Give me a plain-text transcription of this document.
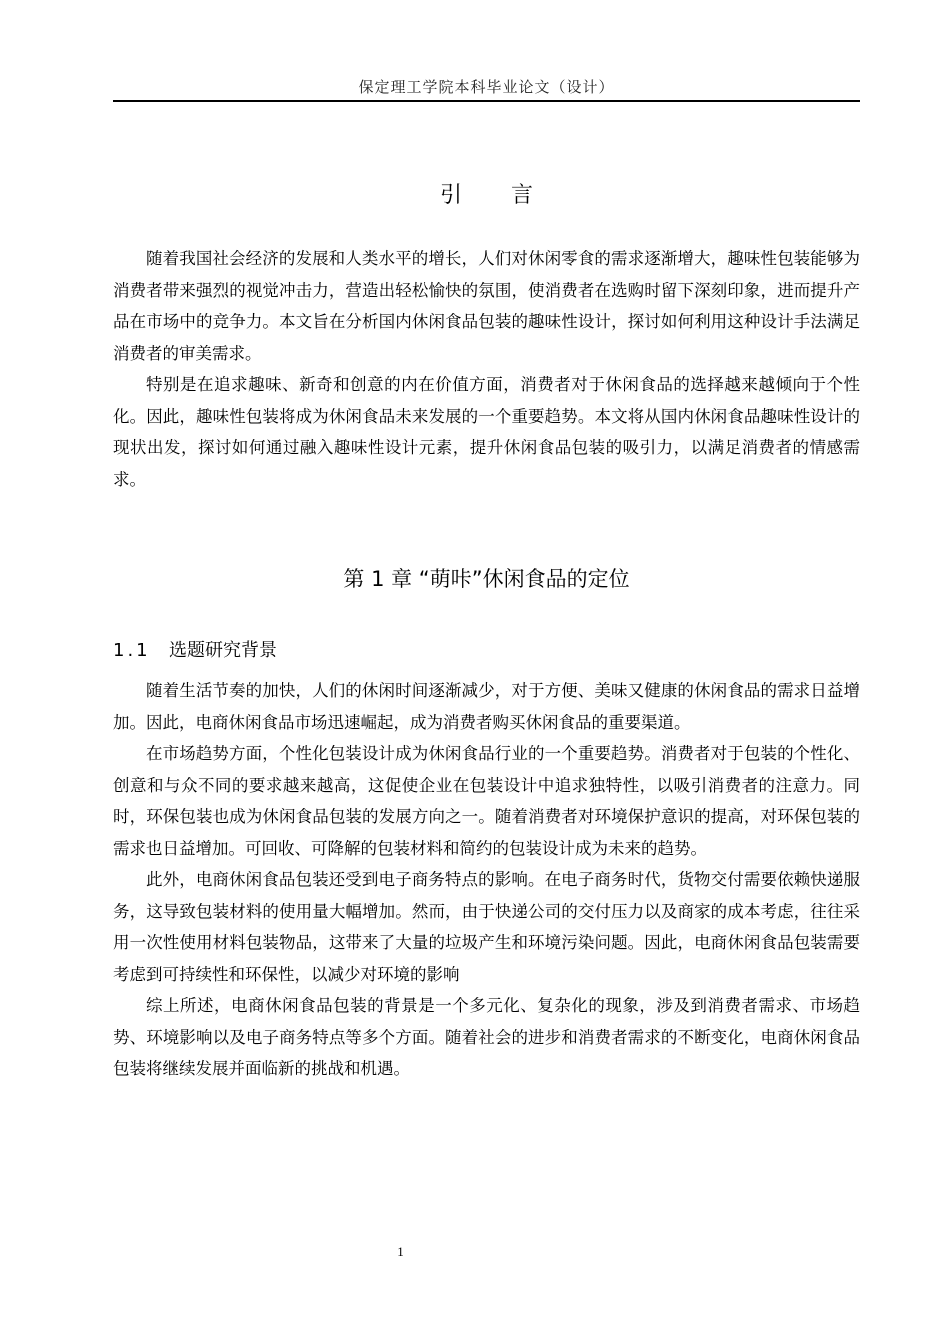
保定理工学院本科毕业论文（设计）
引 言

随着我国社会经济的发展和人类水平的增长，人们对休闲零食的需求逐渐增大，趣味性包装能够为消费者带来强烈的视觉冲击力，营造出轻松愉快的氛围，使消费者在选购时留下深刻印象，进而提升产品在市场中的竞争力。本文旨在分析国内休闲食品包装的趣味性设计，探讨如何利用这种设计手法满足消费者的审美需求。

特别是在追求趣味、新奇和创意的内在价值方面，消费者对于休闲食品的选择越来越倾向于个性化。因此，趣味性包装将成为休闲食品未来发展的一个重要趋势。本文将从国内休闲食品趣味性设计的现状出发，探讨如何通过融入趣味性设计元素，提升休闲食品包装的吸引力，以满足消费者的情感需求。

第 1 章 “萌咔”休闲食品的定位
1.1 选题研究背景

随着生活节奏的加快，人们的休闲时间逐渐减少，对于方便、美味又健康的休闲食品的需求日益增加。因此，电商休闲食品市场迅速崛起，成为消费者购买休闲食品的重要渠道。

在市场趋势方面，个性化包装设计成为休闲食品行业的一个重要趋势。消费者对于包装的个性化、创意和与众不同的要求越来越高，这促使企业在包装设计中追求独特性，以吸引消费者的注意力。同时，环保包装也成为休闲食品包装的发展方向之一。随着消费者对环境保护意识的提高，对环保包装的需求也日益增加。可回收、可降解的包装材料和简约的包装设计成为未来的趋势。

此外，电商休闲食品包装还受到电子商务特点的影响。在电子商务时代，货物交付需要依赖快递服务，这导致包装材料的使用量大幅增加。然而，由于快递公司的交付压力以及商家的成本考虑，往往采用一次性使用材料包装物品，这带来了大量的垃圾产生和环境污染问题。因此，电商休闲食品包装需要考虑到可持续性和环保性，以减少对环境的影响

综上所述，电商休闲食品包装的背景是一个多元化、复杂化的现象，涉及到消费者需求、市场趋势、环境影响以及电子商务特点等多个方面。随着社会的进步和消费者需求的不断变化，电商休闲食品包装将继续发展并面临新的挑战和机遇。

1
